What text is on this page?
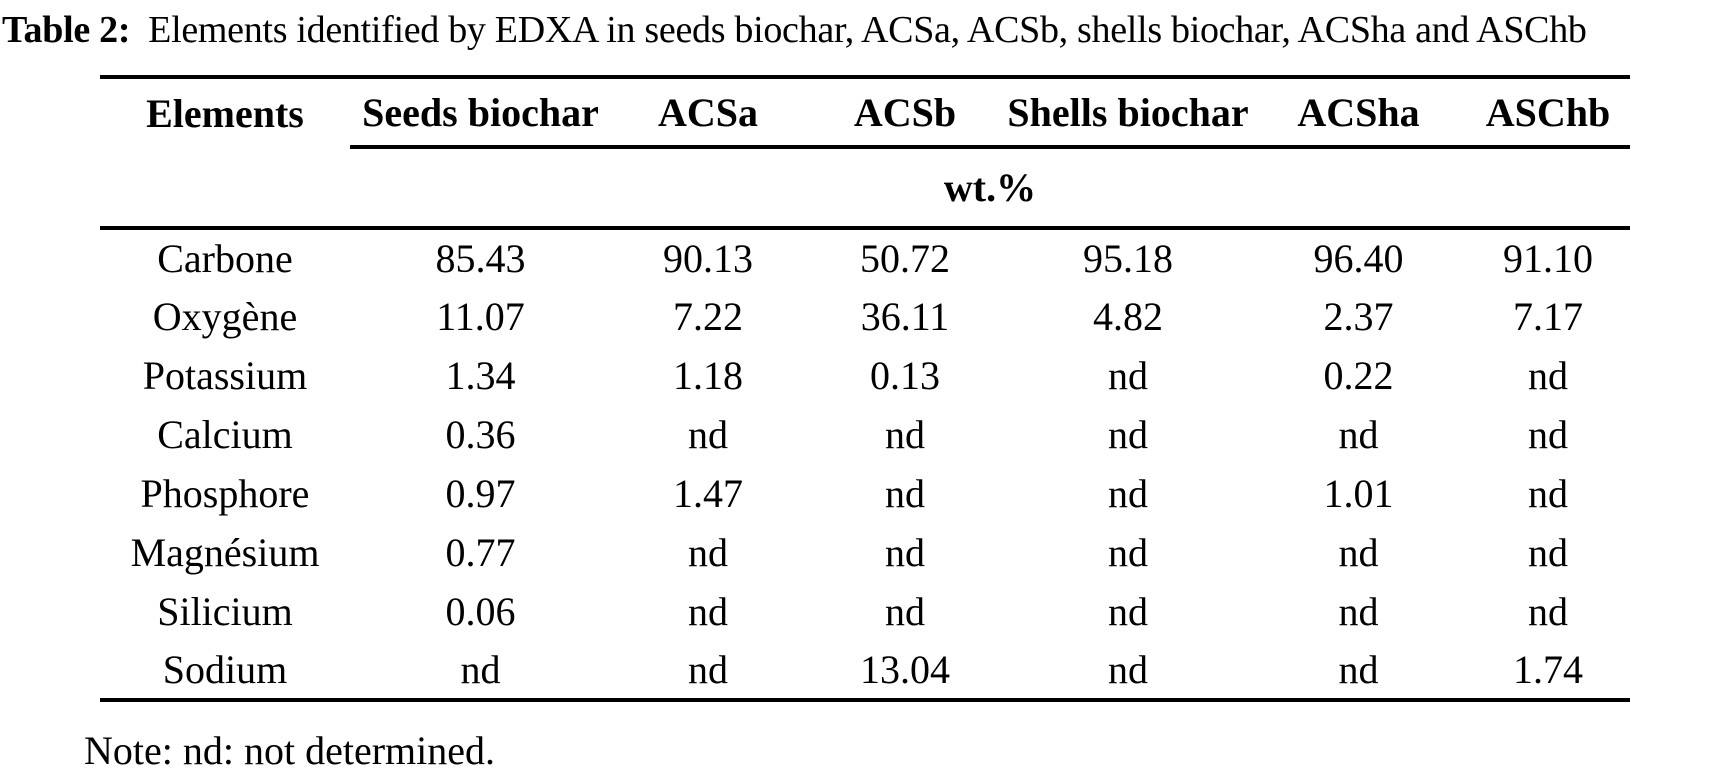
Table 2: Elements identified by EDXA in seeds biochar, ACSa, ACSb, shells biochar, ACSha and ASChb
Elements	Seeds biochar	ACSa	ACSb	Shells biochar	ACSha	ASChb
	wt.%					
Carbone	85.43	90.13	50.72	95.18	96.40	91.10
Oxygène	11.07	7.22	36.11	4.82	2.37	7.17
Potassium	1.34	1.18	0.13	nd	0.22	nd
Calcium	0.36	nd	nd	nd	nd	nd
Phosphore	0.97	1.47	nd	nd	1.01	nd
Magnésium	0.77	nd	nd	nd	nd	nd
Silicium	0.06	nd	nd	nd	nd	nd
Sodium	nd	nd	13.04	nd	nd	1.74
Note: nd: not determined.
